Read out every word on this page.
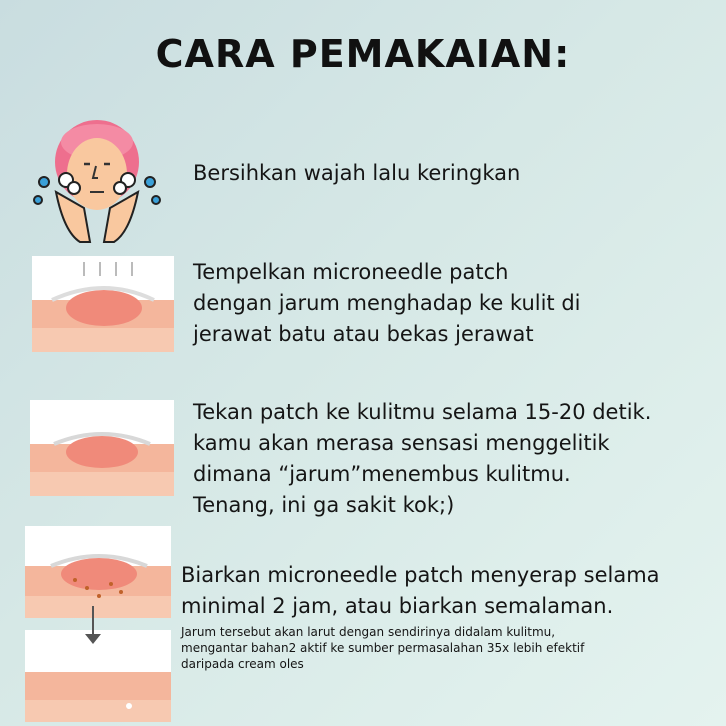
CARA PEMAKAIAN:
Bersihkan wajah lalu keringkan
Tempelkan microneedle patch
dengan jarum menghadap ke kulit di
jerawat batu atau bekas jerawat
Tekan patch ke kulitmu selama 15-20 detik.
kamu akan merasa sensasi menggelitik
dimana “jarum”menembus kulitmu.
Tenang, ini ga sakit kok;)
Biarkan microneedle patch menyerap selama
minimal 2 jam, atau biarkan semalaman.
Jarum tersebut akan larut dengan sendirinya didalam kulitmu,
mengantar bahan2 aktif ke sumber permasalahan 35x lebih efektif
daripada cream oles
